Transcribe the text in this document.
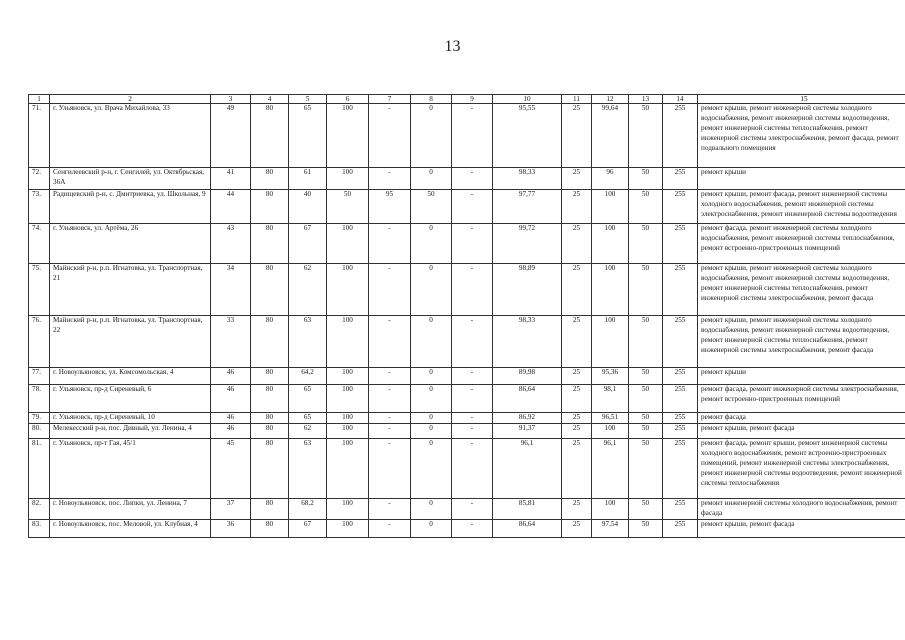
13
1	2	3	4	5	6	7	8	9	10	11	12	13	14	15
71.	г. Ульяновск, ул. Врача Михайлова, 33	49	80	65	100	-	0	-	95,55	25	99,64	50	255	ремонт крыши, ремонт инженерной системы холодного водоснабжения, ремонт инженерной системы водоотведения, ремонт инженерной системы теплоснабжения, ремонт инженерной системы электроснабжения, ремонт фасада, ремонт подвального помещения
72.	Сенгилеевский р-н, г. Сенгилей, ул. Октябрьская, 36А	41	80	61	100	-	0	-	98,33	25	96	50	255	ремонт крыши
73.	Радищевский р-н, с. Дмитриевка, ул. Школьная, 9	44	80	40	50	95	50	-	97,77	25	100	50	255	ремонт крыши, ремонт фасада, ремонт инженерной системы холодного водоснабжения, ремонт инженерной системы электроснабжения, ремонт инженерной системы водоотведения
74.	г. Ульяновск, ул. Артёма, 26	43	80	67	100	-	0	-	99,72	25	100	50	255	ремонт фасада, ремонт инженерной системы холодного водоснабжения, ремонт инженерной системы теплоснабжения, ремонт встроенно-пристроенных помещений
75.	Майнский р-н, р.п. Игнатовка, ул. Транспортная, 21	34	80	62	100	-	0	-	98,89	25	100	50	255	ремонт крыши, ремонт инженерной системы холодного водоснабжения, ремонт инженерной системы водоотведения, ремонт инженерной системы теплоснабжения, ремонт инженерной системы электроснабжения, ремонт фасада
76.	Майнский р-н, р.п. Игнатовка, ул. Транспортная, 22	33	80	63	100	-	0	-	98,33	25	100	50	255	ремонт крыши, ремонт инженерной системы холодного водоснабжения, ремонт инженерной системы водоотведения, ремонт инженерной системы теплоснабжения, ремонт инженерной системы электроснабжения, ремонт фасада
77.	г. Новоульяновск, ул. Комсомольская, 4	46	80	64,2	100	-	0	-	89,98	25	95,36	50	255	ремонт крыши
78.	г. Ульяновск, пр-д Сиреневый, 6	46	80	65	100	-	0	-	86,64	25	98,1	50	255	ремонт фасада, ремонт инженерной системы электроснабжения, ремонт встроенно-пристроенных помещений
79.	г. Ульяновск, пр-д Сиреневый, 10	46	80	65	100	-	0	-	86,92	25	96,51	50	255	ремонт фасада
80.	Мелекесский р-н, пос. Дивный, ул. Ленина, 4	46	80	62	100	-	0	-	91,37	25	100	50	255	ремонт крыши, ремонт фасада
81.	г. Ульяновск, пр-т Гая, 45/1	45	80	63	100	-	0	-	96,1	25	96,1	50	255	ремонт фасада, ремонт крыши, ремонт инженерной системы холодного водоснабжения, ремонт встроенно-пристроенных помещений, ремонт инженерной системы электроснабжения, ремонт инженерной системы водоотведения, ремонт инженерной системы теплоснабжения
82.	г. Новоульяновск, пос. Липки, ул. Ленина, 7	37	80	68,2	100	-	0	-	85,81	25	100	50	255	ремонт инженерной системы холодного водоснабжения, ремонт фасада
83.	г. Новоульяновск, пос. Меловой, ул. Клубная, 4	36	80	67	100	-	0	-	86,64	25	97,54	50	255	ремонт крыши, ремонт фасада
